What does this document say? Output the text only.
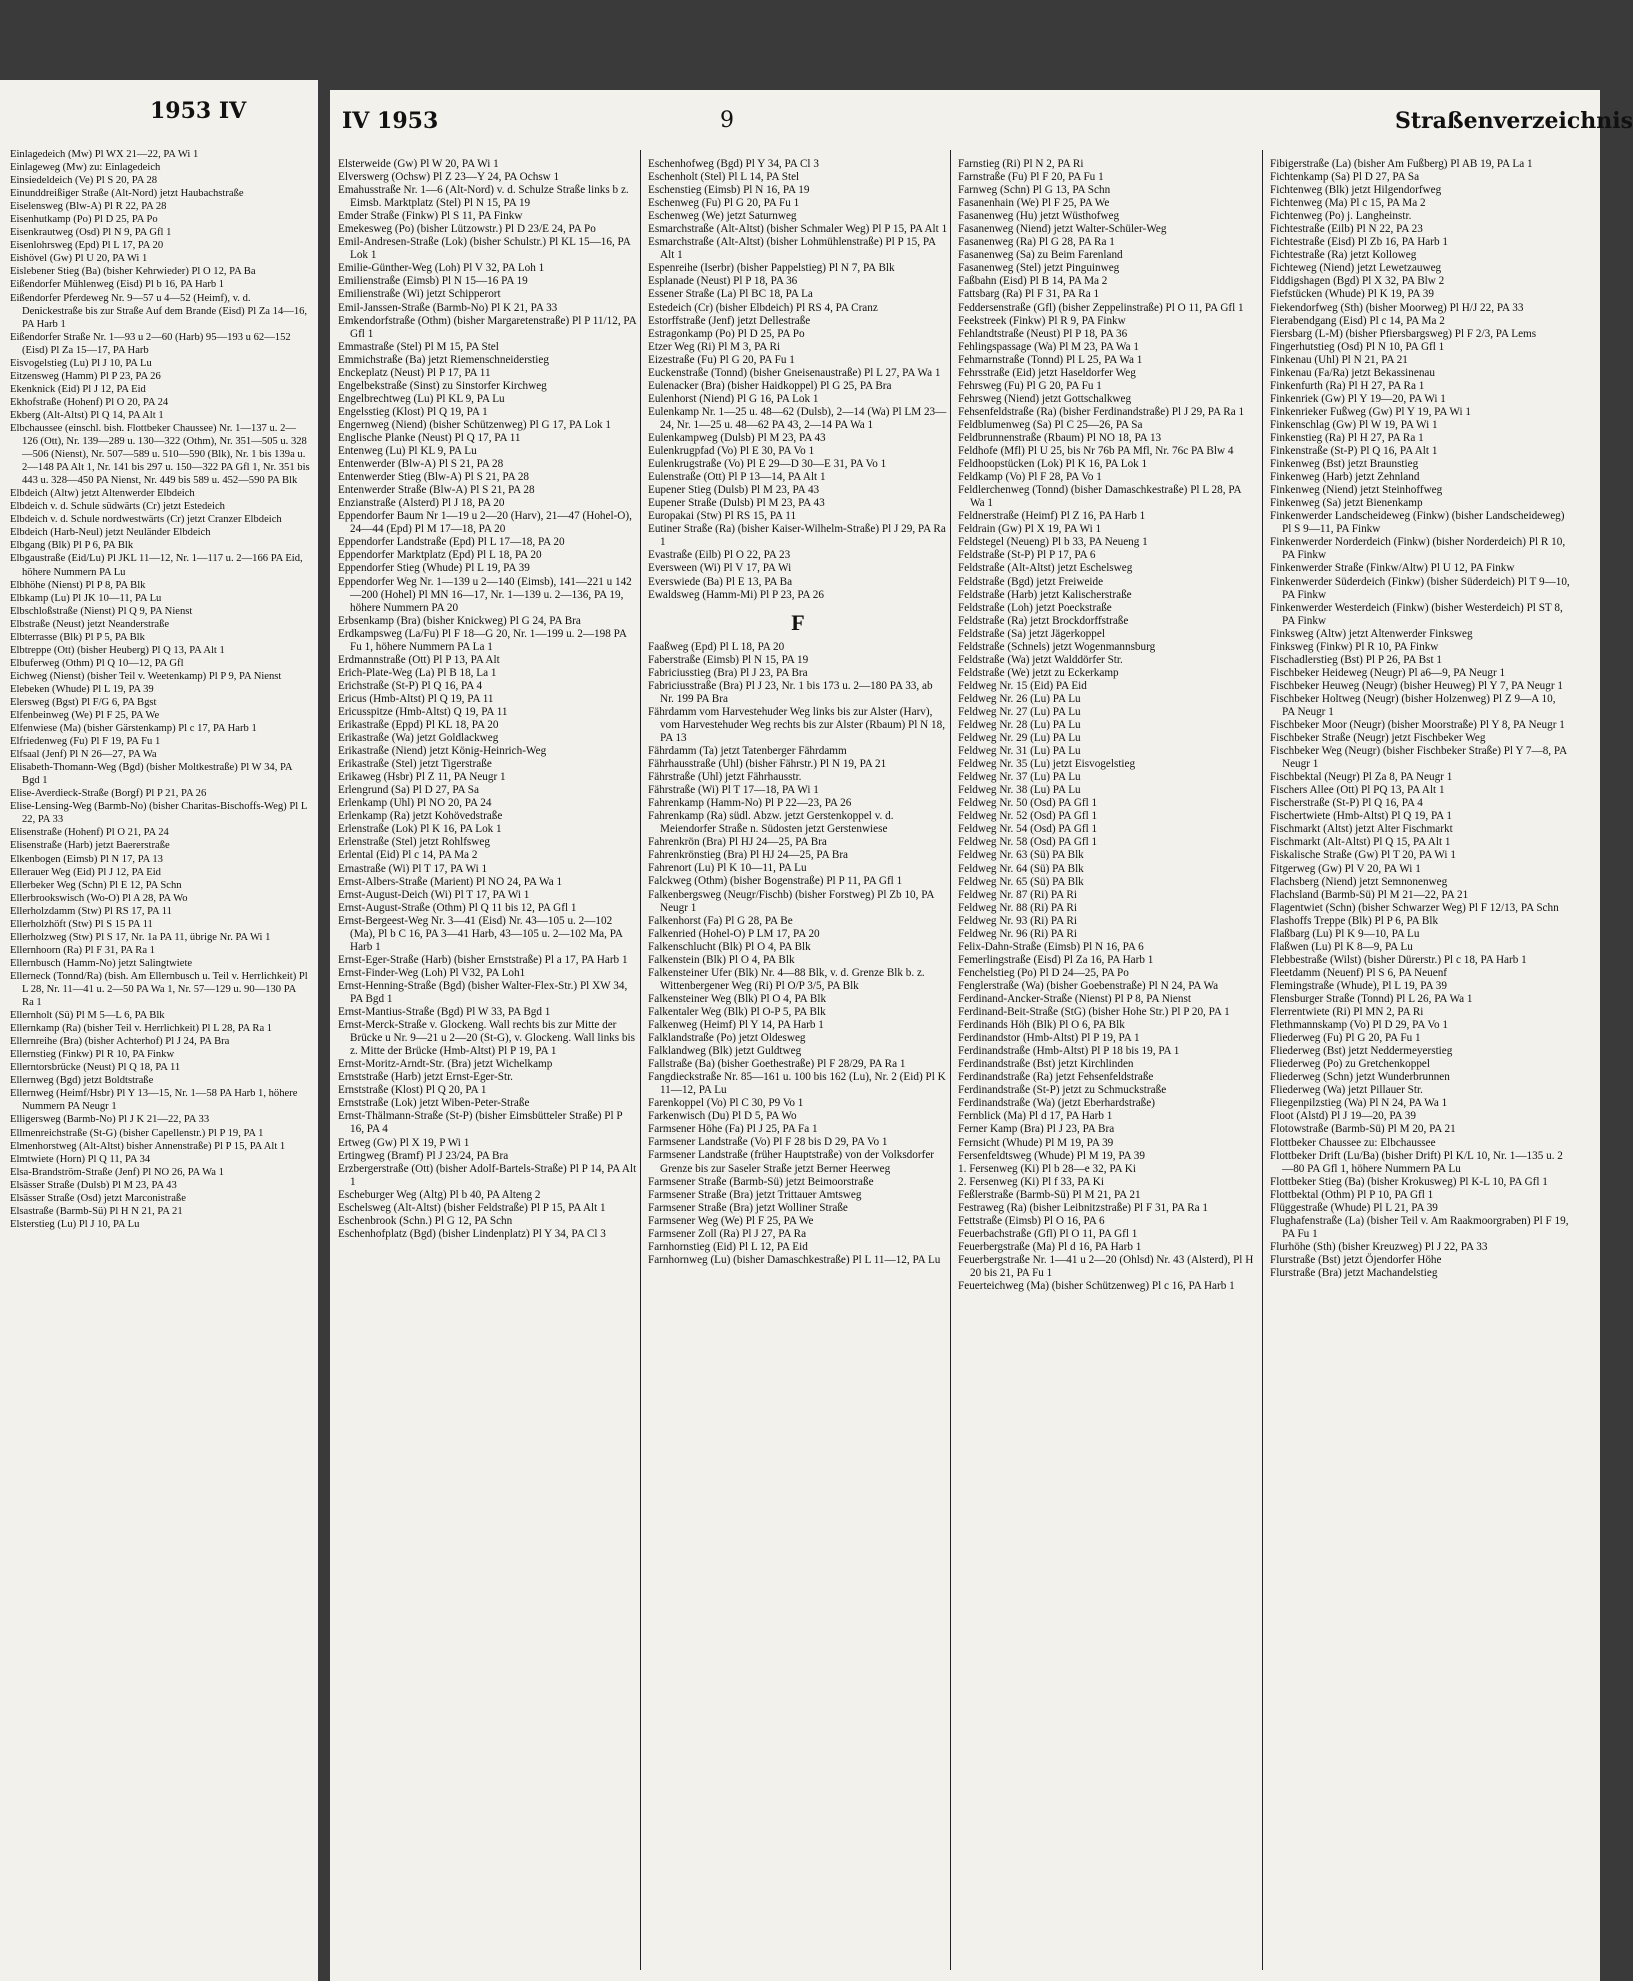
1953 IV

Einlagedeich (Mw) Pl WX 21—22, PA Wi 1

Einlageweg (Mw) zu: Einlagedeich

Einsiedeldeich (Ve) Pl S 20, PA 28

Einunddreißiger Straße (Alt-Nord) jetzt Haubachstraße

Eiselensweg (Blw-A) Pl R 22, PA 28

Eisenhutkamp (Po) Pl D 25, PA Po

Eisenkrautweg (Osd) Pl N 9, PA Gfl 1

Eisenlohrsweg (Epd) Pl L 17, PA 20

Eishövel (Gw) Pl U 20, PA Wi 1

Eislebener Stieg (Ba) (bisher Kehrwieder) Pl O 12, PA Ba

Eißendorfer Mühlenweg (Eisd) Pl b 16, PA Harb 1

Eißendorfer Pferdeweg Nr. 9—57 u 4—52 (Heimf), v. d. Denickestraße bis zur Straße Auf dem Brande (Eisd) Pl Za 14—16, PA Harb 1

Eißendorfer Straße Nr. 1—93 u 2—60 (Harb) 95—193 u 62—152 (Eisd) Pl Za 15—17, PA Harb

Eisvogelstieg (Lu) Pl J 10, PA Lu

Eitzensweg (Hamm) Pl P 23, PA 26

Ekenknick (Eid) Pl J 12, PA Eid

Ekhofstraße (Hohenf) Pl O 20, PA 24

Ekberg (Alt-Altst) Pl Q 14, PA Alt 1

Elbchaussee (einschl. bish. Flottbeker Chaussee) Nr. 1—137 u. 2—126 (Ott), Nr. 139—289 u. 130—322 (Othm), Nr. 351—505 u. 328—506 (Nienst), Nr. 507—589 u. 510—590 (Blk), Nr. 1 bis 139a u. 2—148 PA Alt 1, Nr. 141 bis 297 u. 150—322 PA Gfl 1, Nr. 351 bis 443 u. 328—450 PA Nienst, Nr. 449 bis 589 u. 452—590 PA Blk

Elbdeich (Altw) jetzt Altenwerder Elbdeich

Elbdeich v. d. Schule südwärts (Cr) jetzt Estedeich

Elbdeich v. d. Schule nordwestwärts (Cr) jetzt Cranzer Elbdeich

Elbdeich (Harb-Neul) jetzt Neuländer Elbdeich

Elbgang (Blk) Pl P 6, PA Blk

Elbgaustraße (Eid/Lu) Pl JKL 11—12, Nr. 1—117 u. 2—166 PA Eid, höhere Nummern PA Lu

Elbhöhe (Nienst) Pl P 8, PA Blk

Elbkamp (Lu) Pl JK 10—11, PA Lu

Elbschloßstraße (Nienst) Pl Q 9, PA Nienst

Elbstraße (Neust) jetzt Neanderstraße

Elbterrasse (Blk) Pl P 5, PA Blk

Elbtreppe (Ott) (bisher Heuberg) Pl Q 13, PA Alt 1

Elbuferweg (Othm) Pl Q 10—12, PA Gfl

Eichweg (Nienst) (bisher Teil v. Weetenkamp) Pl P 9, PA Nienst

Elebeken (Whude) Pl L 19, PA 39

Elersweg (Bgst) Pl F/G 6, PA Bgst

Elfenbeinweg (We) Pl F 25, PA We

Elfenwiese (Ma) (bisher Gärstenkamp) Pl c 17, PA Harb 1

Elfriedenweg (Fu) Pl F 19, PA Fu 1

Elfsaal (Jenf) Pl N 26—27, PA Wa

Elisabeth-Thomann-Weg (Bgd) (bisher Moltkestraße) Pl W 34, PA Bgd 1

Elise-Averdieck-Straße (Borgf) Pl P 21, PA 26

Elise-Lensing-Weg (Barmb-No) (bisher Charitas-Bischoffs-Weg) Pl L 22, PA 33

Elisenstraße (Hohenf) Pl O 21, PA 24

Elisenstraße (Harb) jetzt Baererstraße

Elkenbogen (Eimsb) Pl N 17, PA 13

Ellerauer Weg (Eid) Pl J 12, PA Eid

Ellerbeker Weg (Schn) Pl E 12, PA Schn

Ellerbrookswisch (Wo-O) Pl A 28, PA Wo

Ellerholzdamm (Stw) Pl RS 17, PA 11

Ellerholzhöft (Stw) Pl S 15 PA 11

Ellerholzweg (Stw) Pl S 17, Nr. 1a PA 11, übrige Nr. PA Wi 1

Ellernhoorn (Ra) Pl F 31, PA Ra 1

Ellernbusch (Hamm-No) jetzt Salingtwiete

Ellerneck (Tonnd/Ra) (bish. Am Ellernbusch u. Teil v. Herrlichkeit) Pl L 28, Nr. 11—41 u. 2—50 PA Wa 1, Nr. 57—129 u. 90—130 PA Ra 1

Ellernholt (Sü) Pl M 5—L 6, PA Blk

Ellernkamp (Ra) (bisher Teil v. Herrlichkeit) Pl L 28, PA Ra 1

Ellernreihe (Bra) (bisher Achterhof) Pl J 24, PA Bra

Ellernstieg (Finkw) Pl R 10, PA Finkw

Ellerntorsbrücke (Neust) Pl Q 18, PA 11

Ellernweg (Bgd) jetzt Boldtstraße

Ellernweg (Heimf/Hsbr) Pl Y 13—15, Nr. 1—58 PA Harb 1, höhere Nummern PA Neugr 1

Elligersweg (Barmb-No) Pl J K 21—22, PA 33

Ellmenreichstraße (St-G) (bisher Capellenstr.) Pl P 19, PA 1

Elmenhorstweg (Alt-Altst) bisher Annenstraße) Pl P 15, PA Alt 1

Elmtwiete (Horn) Pl Q 11, PA 34

Elsa-Brandström-Straße (Jenf) Pl NO 26, PA Wa 1

Elsässer Straße (Dulsb) Pl M 23, PA 43

Elsässer Straße (Osd) jetzt Marconistraße

Elsastraße (Barmb-Sü) Pl H N 21, PA 21

Elsterstieg (Lu) Pl J 10, PA Lu

IV 1953	9	Straßenverzeichnis

Elsterweide (Gw) Pl W 20, PA Wi 1

Elverswerg (Ochsw) Pl Z 23—Y 24, PA Ochsw 1

Emahusstraße Nr. 1—6 (Alt-Nord) v. d. Schulze Straße links b z. Eimsb. Marktplatz (Stel) Pl N 15, PA 19

Emder Straße (Finkw) Pl S 11, PA Finkw

Emekesweg (Po) (bisher Lützowstr.) Pl D 23/E 24, PA Po

Emil-Andresen-Straße (Lok) (bisher Schulstr.) Pl KL 15—16, PA Lok 1

Emilie-Günther-Weg (Loh) Pl V 32, PA Loh 1

Emilienstraße (Eimsb) Pl N 15—16 PA 19

Emilienstraße (Wi) jetzt Schipperort

Emil-Janssen-Straße (Barmb-No) Pl K 21, PA 33

Emkendorfstraße (Othm) (bisher Margaretenstraße) Pl P 11/12, PA Gfl 1

Emmastraße (Stel) Pl M 15, PA Stel

Emmichstraße (Ba) jetzt Riemenschneiderstieg

Enckeplatz (Neust) Pl P 17, PA 11

Engelbekstraße (Sinst) zu Sinstorfer Kirchweg

Engelbrechtweg (Lu) Pl KL 9, PA Lu

Engelsstieg (Klost) Pl Q 19, PA 1

Engernweg (Niend) (bisher Schützenweg) Pl G 17, PA Lok 1

Englische Planke (Neust) Pl Q 17, PA 11

Entenweg (Lu) Pl KL 9, PA Lu

Entenwerder (Blw-A) Pl S 21, PA 28

Entenwerder Stieg (Blw-A) Pl S 21, PA 28

Entenwerder Straße (Blw-A) Pl S 21, PA 28

Enzianstraße (Alsterd) Pl J 18, PA 20

Eppendorfer Baum Nr 1—19 u 2—20 (Harv), 21—47 (Hohel-O), 24—44 (Epd) Pl M 17—18, PA 20

Eppendorfer Landstraße (Epd) Pl L 17—18, PA 20

Eppendorfer Marktplatz (Epd) Pl L 18, PA 20

Eppendorfer Stieg (Whude) Pl L 19, PA 39

Eppendorfer Weg Nr. 1—139 u 2—140 (Eimsb), 141—221 u 142—200 (Hohel) Pl MN 16—17, Nr. 1—139 u. 2—136, PA 19, höhere Nummern PA 20

Erbsenkamp (Bra) (bisher Knickweg) Pl G 24, PA Bra

Erdkampsweg (La/Fu) Pl F 18—G 20, Nr. 1—199 u. 2—198 PA Fu 1, höhere Nummern PA La 1

Erdmannstraße (Ott) Pl P 13, PA Alt

Erich-Plate-Weg (La) Pl B 18, La 1

Erichstraße (St-P) Pl Q 16, PA 4

Ericus (Hmb-Altst) Pl Q 19, PA 11

Ericusspitze (Hmb-Altst) Q 19, PA 11

Erikastraße (Eppd) Pl KL 18, PA 20

Erikastraße (Wa) jetzt Goldlackweg

Erikastraße (Niend) jetzt König-Heinrich-Weg

Erikastraße (Stel) jetzt Tigerstraße

Erikaweg (Hsbr) Pl Z 11, PA Neugr 1

Erlengrund (Sa) Pl D 27, PA Sa

Erlenkamp (Uhl) Pl NO 20, PA 24

Erlenkamp (Ra) jetzt Kohövedstraße

Erlenstraße (Lok) Pl K 16, PA Lok 1

Erlenstraße (Stel) jetzt Rohlfsweg

Erlental (Eid) Pl c 14, PA Ma 2

Ernastraße (Wi) Pl T 17, PA Wi 1

Ernst-Albers-Straße (Marient) Pl NO 24, PA Wa 1

Ernst-August-Deich (Wi) Pl T 17, PA Wi 1

Ernst-August-Straße (Othm) Pl Q 11 bis 12, PA Gfl 1

Ernst-Bergeest-Weg Nr. 3—41 (Eisd) Nr. 43—105 u. 2—102 (Ma), Pl b C 16, PA 3—41 Harb, 43—105 u. 2—102 Ma, PA Harb 1

Ernst-Eger-Straße (Harb) (bisher Ernststraße) Pl a 17, PA Harb 1

Ernst-Finder-Weg (Loh) Pl V32, PA Loh1

Ernst-Henning-Straße (Bgd) (bisher Walter-Flex-Str.) Pl XW 34, PA Bgd 1

Ernst-Mantius-Straße (Bgd) Pl W 33, PA Bgd 1

Ernst-Merck-Straße v. Glockeng. Wall rechts bis zur Mitte der Brücke u Nr. 9—21 u 2—20 (St-G), v. Glockeng. Wall links bis z. Mitte der Brücke (Hmb-Altst) Pl P 19, PA 1

Ernst-Moritz-Arndt-Str. (Bra) jetzt Wichelkamp

Ernststraße (Harb) jetzt Ernst-Eger-Str.

Ernststraße (Klost) Pl Q 20, PA 1

Ernststraße (Lok) jetzt Wiben-Peter-Straße

Ernst-Thälmann-Straße (St-P) (bisher Eimsbütteler Straße) Pl P 16, PA 4

Ertweg (Gw) Pl X 19, P Wi 1

Ertingweg (Bramf) Pl J 23/24, PA Bra

Erzbergerstraße (Ott) (bisher Adolf-Bartels-Straße) Pl P 14, PA Alt 1

Escheburger Weg (Altg) Pl b 40, PA Alteng 2

Eschelsweg (Alt-Altst) (bisher Feldstraße) Pl P 15, PA Alt 1

Eschenbrook (Schn.) Pl G 12, PA Schn

Eschenhofplatz (Bgd) (bisher Lindenplatz) Pl Y 34, PA Cl 3

Eschenhofweg (Bgd) Pl Y 34, PA Cl 3

Eschenholt (Stel) Pl L 14, PA Stel

Eschenstieg (Eimsb) Pl N 16, PA 19

Eschenweg (Fu) Pl G 20, PA Fu 1

Eschenweg (We) jetzt Saturnweg

Esmarchstraße (Alt-Altst) (bisher Schmaler Weg) Pl P 15, PA Alt 1

Esmarchstraße (Alt-Altst) (bisher Lohmühlenstraße) Pl P 15, PA Alt 1

Espenreihe (Iserbr) (bisher Pappelstieg) Pl N 7, PA Blk

Esplanade (Neust) Pl P 18, PA 36

Essener Straße (La) Pl BC 18, PA La

Estedeich (Cr) (bisher Elbdeich) Pl RS 4, PA Cranz

Estorffstraße (Jenf) jetzt Dellestraße

Estragonkamp (Po) Pl D 25, PA Po

Etzer Weg (Ri) Pl M 3, PA Ri

Eizestraße (Fu) Pl G 20, PA Fu 1

Euckenstraße (Tonnd) (bisher Gneisenaustraße) Pl L 27, PA Wa 1

Eulenacker (Bra) (bisher Haidkoppel) Pl G 25, PA Bra

Eulenhorst (Niend) Pl G 16, PA Lok 1

Eulenkamp Nr. 1—25 u. 48—62 (Dulsb), 2—14 (Wa) Pl LM 23—24, Nr. 1—25 u. 48—62 PA 43, 2—14 PA Wa 1

Eulenkampweg (Dulsb) Pl M 23, PA 43

Eulenkrugpfad (Vo) Pl E 30, PA Vo 1

Eulenkrugstraße (Vo) Pl E 29—D 30—E 31, PA Vo 1

Eulenstraße (Ott) Pl P 13—14, PA Alt 1

Eupener Stieg (Dulsb) Pl M 23, PA 43

Eupener Straße (Dulsb) Pl M 23, PA 43

Europakai (Stw) Pl RS 15, PA 11

Eutiner Straße (Ra) (bisher Kaiser-Wilhelm-Straße) Pl J 29, PA Ra 1

Evastraße (Eilb) Pl O 22, PA 23

Eversween (Wi) Pl V 17, PA Wi

Everswiede (Ba) Pl E 13, PA Ba

Ewaldsweg (Hamm-Mi) Pl P 23, PA 26

F

Faaßweg (Epd) Pl L 18, PA 20

Faberstraße (Eimsb) Pl N 15, PA 19

Fabriciusstieg (Bra) Pl J 23, PA Bra

Fabriciusstraße (Bra) Pl J 23, Nr. 1 bis 173 u. 2—180 PA 33, ab Nr. 199 PA Bra

Fährdamm vom Harvestehuder Weg links bis zur Alster (Harv), vom Harvestehuder Weg rechts bis zur Alster (Rbaum) Pl N 18, PA 13

Fährdamm (Ta) jetzt Tatenberger Fährdamm

Fährhausstraße (Uhl) (bisher Fährstr.) Pl N 19, PA 21

Fährstraße (Uhl) jetzt Fährhausstr.

Fährstraße (Wi) Pl T 17—18, PA Wi 1

Fahrenkamp (Hamm-No) Pl P 22—23, PA 26

Fahrenkamp (Ra) südl. Abzw. jetzt Gerstenkoppel v. d. Meiendorfer Straße n. Südosten jetzt Gerstenwiese

Fahrenkrön (Bra) Pl HJ 24—25, PA Bra

Fahrenkrönstieg (Bra) Pl HJ 24—25, PA Bra

Fahrenort (Lu) Pl K 10—11, PA Lu

Falckweg (Othm) (bisher Bogenstraße) Pl P 11, PA Gfl 1

Falkenbergsweg (Neugr/Fischb) (bisher Forstweg) Pl Zb 10, PA Neugr 1

Falkenhorst (Fa) Pl G 28, PA Be

Falkenried (Hohel-O) P LM 17, PA 20

Falkenschlucht (Blk) Pl O 4, PA Blk

Falkenstein (Blk) Pl O 4, PA Blk

Falkensteiner Ufer (Blk) Nr. 4—88 Blk, v. d. Grenze Blk b. z. Wittenbergener Weg (Ri) Pl O/P 3/5, PA Blk

Falkensteiner Weg (Blk) Pl O 4, PA Blk

Falkentaler Weg (Blk) Pl O-P 5, PA Blk

Falkenweg (Heimf) Pl Y 14, PA Harb 1

Falklandstraße (Po) jetzt Oldesweg

Falklandweg (Blk) jetzt Guldtweg

Fallstraße (Ba) (bisher Goethestraße) Pl F 28/29, PA Ra 1

Fangdieckstraße Nr. 85—161 u. 100 bis 162 (Lu), Nr. 2 (Eid) Pl K 11—12, PA Lu

Farenkoppel (Vo) Pl C 30, P9 Vo 1

Farkenwisch (Du) Pl D 5, PA Wo

Farmsener Höhe (Fa) Pl J 25, PA Fa 1

Farmsener Landstraße (Vo) Pl F 28 bis D 29, PA Vo 1

Farmsener Landstraße (früher Hauptstraße) von der Volksdorfer Grenze bis zur Saseler Straße jetzt Berner Heerweg

Farmsener Straße (Barmb-Sü) jetzt Beimoorstraße

Farmsener Straße (Bra) jetzt Trittauer Amtsweg

Farmsener Straße (Bra) jetzt Wolliner Straße

Farmsener Weg (We) Pl F 25, PA We

Farmsener Zoll (Ra) Pl J 27, PA Ra

Farnhornstieg (Eid) Pl L 12, PA Eid

Farnhornweg (Lu) (bisher Damaschkestraße) Pl L 11—12, PA Lu

Farnstieg (Ri) Pl N 2, PA Ri

Farnstraße (Fu) Pl F 20, PA Fu 1

Farnweg (Schn) Pl G 13, PA Schn

Fasanenhain (We) Pl F 25, PA We

Fasanenweg (Hu) jetzt Wüsthofweg

Fasanenweg (Niend) jetzt Walter-Schüler-Weg

Fasanenweg (Ra) Pl G 28, PA Ra 1

Fasanenweg (Sa) zu Beim Farenland

Fasanenweg (Stel) jetzt Pinguinweg

Faßbahn (Eisd) Pl B 14, PA Ma 2

Fattsbarg (Ra) Pl F 31, PA Ra 1

Feddersenstraße (Gfl) (bisher Zeppelinstraße) Pl O 11, PA Gfl 1

Feekstreek (Finkw) Pl R 9, PA Finkw

Fehlandtstraße (Neust) Pl P 18, PA 36

Fehlingspassage (Wa) Pl M 23, PA Wa 1

Fehmarnstraße (Tonnd) Pl L 25, PA Wa 1

Fehrsstraße (Eid) jetzt Haseldorfer Weg

Fehrsweg (Fu) Pl G 20, PA Fu 1

Fehrsweg (Niend) jetzt Gottschalkweg

Fehsenfeldstraße (Ra) (bisher Ferdinandstraße) Pl J 29, PA Ra 1

Feldblumenweg (Sa) Pl C 25—26, PA Sa

Feldbrunnenstraße (Rbaum) Pl NO 18, PA 13

Feldhofe (Mfl) Pl U 25, bis Nr 76b PA Mfl, Nr. 76c PA Blw 4

Feldhoopstücken (Lok) Pl K 16, PA Lok 1

Feldkamp (Vo) Pl F 28, PA Vo 1

Feldlerchenweg (Tonnd) (bisher Damaschkestraße) Pl L 28, PA Wa 1

Feldnerstraße (Heimf) Pl Z 16, PA Harb 1

Feldrain (Gw) Pl X 19, PA Wi 1

Feldstegel (Neueng) Pl b 33, PA Neueng 1

Feldstraße (St-P) Pl P 17, PA 6

Feldstraße (Alt-Altst) jetzt Eschelsweg

Feldstraße (Bgd) jetzt Freiweide

Feldstraße (Harb) jetzt Kalischerstraße

Feldstraße (Loh) jetzt Poeckstraße

Feldstraße (Ra) jetzt Brockdorffstraße

Feldstraße (Sa) jetzt Jägerkoppel

Feldstraße (Schnels) jetzt Wogenmannsburg

Feldstraße (Wa) jetzt Walddörfer Str.

Feldstraße (We) jetzt zu Eckerkamp

Feldweg Nr. 15 (Eid) PA Eid

Feldweg Nr. 26 (Lu) PA Lu

Feldweg Nr. 27 (Lu) PA Lu

Feldweg Nr. 28 (Lu) PA Lu

Feldweg Nr. 29 (Lu) PA Lu

Feldweg Nr. 31 (Lu) PA Lu

Feldweg Nr. 35 (Lu) jetzt Eisvogelstieg

Feldweg Nr. 37 (Lu) PA Lu

Feldweg Nr. 38 (Lu) PA Lu

Feldweg Nr. 50 (Osd) PA Gfl 1

Feldweg Nr. 52 (Osd) PA Gfl 1

Feldweg Nr. 54 (Osd) PA Gfl 1

Feldweg Nr. 58 (Osd) PA Gfl 1

Feldweg Nr. 63 (Sü) PA Blk

Feldweg Nr. 64 (Sü) PA Blk

Feldweg Nr. 65 (Sü) PA Blk

Feldweg Nr. 87 (Ri) PA Ri

Feldweg Nr. 88 (Ri) PA Ri

Feldweg Nr. 93 (Ri) PA Ri

Feldweg Nr. 96 (Ri) PA Ri

Felix-Dahn-Straße (Eimsb) Pl N 16, PA 6

Femerlingstraße (Eisd) Pl Za 16, PA Harb 1

Fenchelstieg (Po) Pl D 24—25, PA Po

Fenglerstraße (Wa) (bisher Goebenstraße) Pl N 24, PA Wa

Ferdinand-Ancker-Straße (Nienst) Pl P 8, PA Nienst

Ferdinand-Beit-Straße (StG) (bisher Hohe Str.) Pl P 20, PA 1

Ferdinands Höh (Blk) Pl O 6, PA Blk

Ferdinandstor (Hmb-Altst) Pl P 19, PA 1

Ferdinandstraße (Hmb-Altst) Pl P 18 bis 19, PA 1

Ferdinandstraße (Bst) jetzt Kirchlinden

Ferdinandstraße (Ra) jetzt Fehsenfeldstraße

Ferdinandstraße (St-P) jetzt zu Schmuckstraße

Ferdinandstraße (Wa) (jetzt Eberhardstraße)

Fernblick (Ma) Pl d 17, PA Harb 1

Ferner Kamp (Bra) Pl J 23, PA Bra

Fernsicht (Whude) Pl M 19, PA 39

Fersenfeldtsweg (Whude) Pl M 19, PA 39

1. Fersenweg (Ki) Pl b 28—e 32, PA Ki

2. Fersenweg (Ki) Pl f 33, PA Ki

Feßlerstraße (Barmb-Sü) Pl M 21, PA 21

Festraweg (Ra) (bisher Leibnitzstraße) Pl F 31, PA Ra 1

Fettstraße (Eimsb) Pl O 16, PA 6

Feuerbachstraße (Gfl) Pl O 11, PA Gfl 1

Feuerbergstraße (Ma) Pl d 16, PA Harb 1

Feuerbergstraße Nr. 1—41 u 2—20 (Ohlsd) Nr. 43 (Alsterd), Pl H 20 bis 21, PA Fu 1

Feuerteichweg (Ma) (bisher Schützenweg) Pl c 16, PA Harb 1

Fibigerstraße (La) (bisher Am Fußberg) Pl AB 19, PA La 1

Fichtenkamp (Sa) Pl D 27, PA Sa

Fichtenweg (Blk) jetzt Hilgendorfweg

Fichtenweg (Ma) Pl c 15, PA Ma 2

Fichtenweg (Po) j. Langheinstr.

Fichtestraße (Eilb) Pl N 22, PA 23

Fichtestraße (Eisd) Pl Zb 16, PA Harb 1

Fichtestraße (Ra) jetzt Kolloweg

Fichteweg (Niend) jetzt Lewetzauweg

Fiddigshagen (Bgd) Pl X 32, PA Blw 2

Fiefstücken (Whude) Pl K 19, PA 39

Fiekendorfweg (Sth) (bisher Moorweg) Pl H/J 22, PA 33

Fierabendgang (Eisd) Pl c 14, PA Ma 2

Fiersbarg (L-M) (bisher Pfiersbargsweg) Pl F 2/3, PA Lems

Fingerhutstieg (Osd) Pl N 10, PA Gfl 1

Finkenau (Uhl) Pl N 21, PA 21

Finkenau (Fa/Ra) jetzt Bekassinenau

Finkenfurth (Ra) Pl H 27, PA Ra 1

Finkenriek (Gw) Pl Y 19—20, PA Wi 1

Finkenrieker Fußweg (Gw) Pl Y 19, PA Wi 1

Finkenschlag (Gw) Pl W 19, PA Wi 1

Finkenstieg (Ra) Pl H 27, PA Ra 1

Finkenstraße (St-P) Pl Q 16, PA Alt 1

Finkenweg (Bst) jetzt Braunstieg

Finkenweg (Harb) jetzt Zehnland

Finkenweg (Niend) jetzt Steinhoffweg

Finkenweg (Sa) jetzt Bienenkamp

Finkenwerder Landscheideweg (Finkw) (bisher Landscheideweg) Pl S 9—11, PA Finkw

Finkenwerder Norderdeich (Finkw) (bisher Norderdeich) Pl R 10, PA Finkw

Finkenwerder Straße (Finkw/Altw) Pl U 12, PA Finkw

Finkenwerder Süderdeich (Finkw) (bisher Süderdeich) Pl T 9—10, PA Finkw

Finkenwerder Westerdeich (Finkw) (bisher Westerdeich) Pl ST 8, PA Finkw

Finksweg (Altw) jetzt Altenwerder Finksweg

Finksweg (Finkw) Pl R 10, PA Finkw

Fischadlerstieg (Bst) Pl P 26, PA Bst 1

Fischbeker Heideweg (Neugr) Pl a6—9, PA Neugr 1

Fischbeker Heuweg (Neugr) (bisher Heuweg) Pl Y 7, PA Neugr 1

Fischbeker Holtweg (Neugr) (bisher Holzenweg) Pl Z 9—A 10, PA Neugr 1

Fischbeker Moor (Neugr) (bisher Moorstraße) Pl Y 8, PA Neugr 1

Fischbeker Straße (Neugr) jetzt Fischbeker Weg

Fischbeker Weg (Neugr) (bisher Fischbeker Straße) Pl Y 7—8, PA Neugr 1

Fischbektal (Neugr) Pl Za 8, PA Neugr 1

Fischers Allee (Ott) Pl PQ 13, PA Alt 1

Fischerstraße (St-P) Pl Q 16, PA 4

Fischertwiete (Hmb-Altst) Pl Q 19, PA 1

Fischmarkt (Altst) jetzt Alter Fischmarkt

Fischmarkt (Alt-Altst) Pl Q 15, PA Alt 1

Fiskalische Straße (Gw) Pl T 20, PA Wi 1

Fitgerweg (Gw) Pl V 20, PA Wi 1

Flachsberg (Niend) jetzt Semnonenweg

Flachsland (Barmb-Sü) Pl M 21—22, PA 21

Flagentwiet (Schn) (bisher Schwarzer Weg) Pl F 12/13, PA Schn

Flashoffs Treppe (Blk) Pl P 6, PA Blk

Flaßbarg (Lu) Pl K 9—10, PA Lu

Flaßwen (Lu) Pl K 8—9, PA Lu

Flebbestraße (Wilst) (bisher Dürerstr.) Pl c 18, PA Harb 1

Fleetdamm (Neuenf) Pl S 6, PA Neuenf

Flemingstraße (Whude), Pl L 19, PA 39

Flensburger Straße (Tonnd) Pl L 26, PA Wa 1

Flerrentwiete (Ri) Pl MN 2, PA Ri

Flethmannskamp (Vo) Pl D 29, PA Vo 1

Fliederweg (Fu) Pl G 20, PA Fu 1

Fliederweg (Bst) jetzt Neddermeyerstieg

Fliederweg (Po) zu Gretchenkoppel

Fliederweg (Schn) jetzt Wunderbrunnen

Fliederweg (Wa) jetzt Pillauer Str.

Fliegenpilzstieg (Wa) Pl N 24, PA Wa 1

Floot (Alstd) Pl J 19—20, PA 39

Flotowstraße (Barmb-Sü) Pl M 20, PA 21

Flottbeker Chaussee zu: Elbchaussee

Flottbeker Drift (Lu/Ba) (bisher Drift) Pl K/L 10, Nr. 1—135 u. 2—80 PA Gfl 1, höhere Nummern PA Lu

Flottbeker Stieg (Ba) (bisher Krokusweg) Pl K-L 10, PA Gfl 1

Flottbektal (Othm) Pl P 10, PA Gfl 1

Flüggestraße (Whude) Pl L 21, PA 39

Flughafenstraße (La) (bisher Teil v. Am Raakmoorgraben) Pl F 19, PA Fu 1

Flurhöhe (Sth) (bisher Kreuzweg) Pl J 22, PA 33

Flurstraße (Bst) jetzt Öjendorfer Höhe

Flurstraße (Bra) jetzt Machandelstieg
